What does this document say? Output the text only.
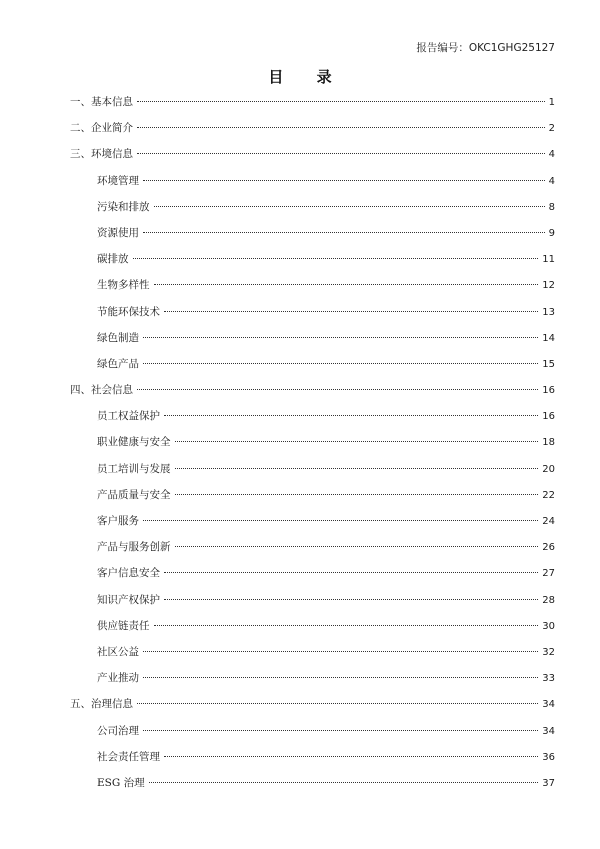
报告编号：OKC1GHG25127
目 录
一、基本信息	1
二、企业简介	2
三、环境信息	4
环境管理	4
污染和排放	8
资源使用	9
碳排放	11
生物多样性	12
节能环保技术	13
绿色制造	14
绿色产品	15
四、社会信息	16
员工权益保护	16
职业健康与安全	18
员工培训与发展	20
产品质量与安全	22
客户服务	24
产品与服务创新	26
客户信息安全	27
知识产权保护	28
供应链责任	30
社区公益	32
产业推动	33
五、治理信息	34
公司治理	34
社会责任管理	36
ESG 治理	37
